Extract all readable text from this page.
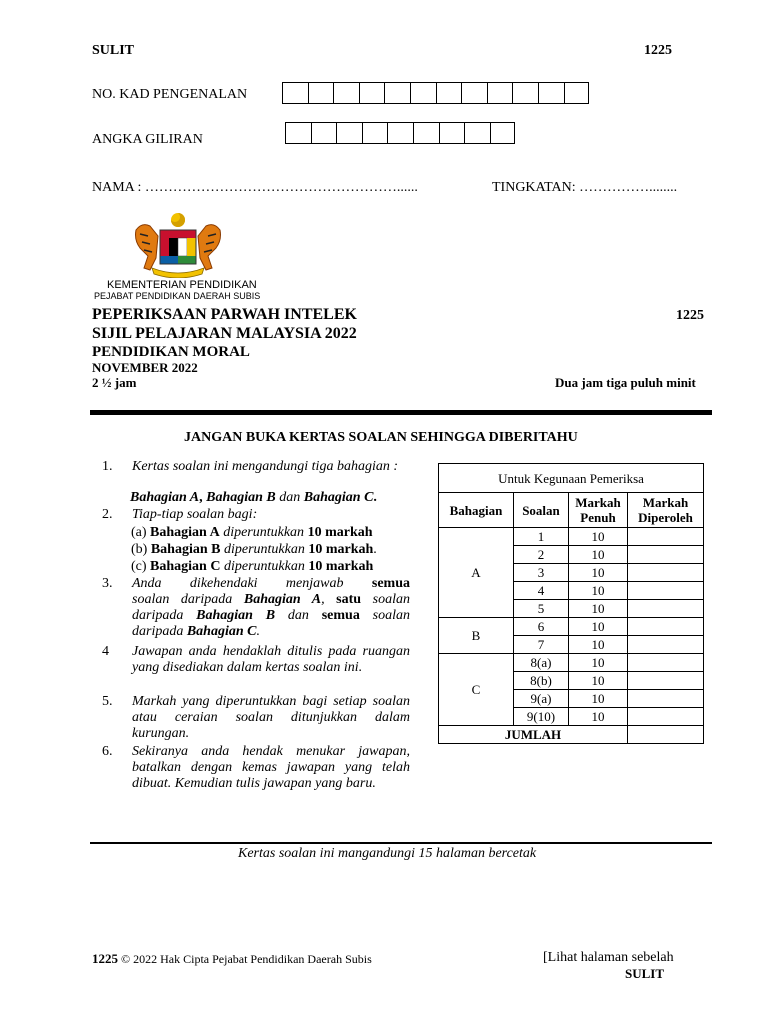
SULIT	1225
NO. KAD PENGENALAN
ANGKA GILIRAN
NAMA : ………………………………………………......	TINGKATAN: ……………........
KEMENTERIAN PENDIDIKAN
PEJABAT PENDIDIKAN DAERAH SUBIS
PEPERIKSAAN PARWAH INTELEK	1225
SIJIL PELAJARAN MALAYSIA 2022
PENDIDIKAN MORAL
NOVEMBER 2022
2 ½ jam	Dua jam tiga puluh minit
JANGAN BUKA KERTAS SOALAN SEHINGGA DIBERITAHU
1. Kertas soalan ini mengandungi tiga bahagian :
Bahagian A, Bahagian B dan Bahagian C.
2. Tiap-tiap soalan bagi:
(a) Bahagian A diperuntukkan 10 markah
(b) Bahagian B diperuntukkan 10 markah.
(c) Bahagian C diperuntukkan 10 markah
3. Anda dikehendaki menjawab semua
soalan daripada Bahagian A, satu soalan
daripada Bahagian B dan semua soalan
daripada Bahagian C.
4 Jawapan anda hendaklah ditulis pada ruangan yang disediakan dalam kertas soalan ini.
5. Markah yang diperuntukkan bagi setiap soalan atau ceraian soalan ditunjukkan dalam kurungan.
6. Sekiranya anda hendak menukar jawapan, batalkan dengan kemas jawapan yang telah dibuat. Kemudian tulis jawapan yang baru.
Untuk Kegunaan Pemeriksa			
Bahagian	Soalan	Markah Penuh	Markah Diperoleh
A	1	10	
	2	10	
	3	10	
	4	10	
	5	10	
B	6	10	
	7	10	
C	8(a)	10	
	8(b)	10	
	9(a)	10	
	9(10)	10	
JUMLAH			
Kertas soalan ini mangandungi 15 halaman bercetak
1225 © 2022 Hak Cipta Pejabat Pendidikan Daerah Subis	[Lihat halaman sebelah
SULIT
